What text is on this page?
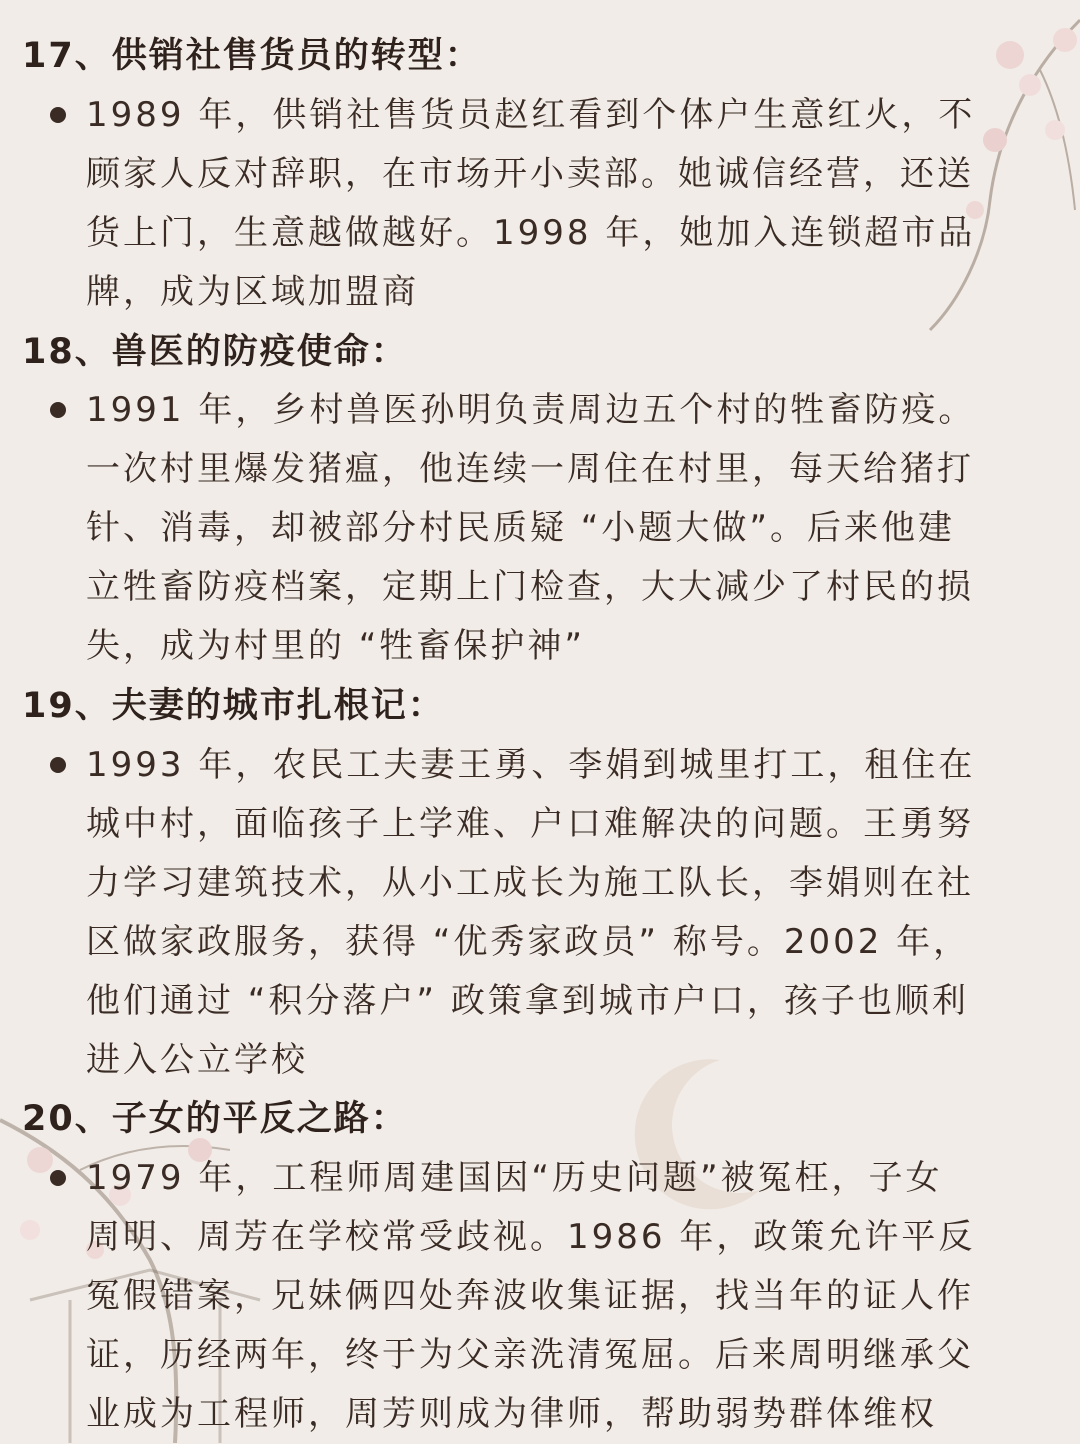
17、供销社售货员的转型：
1989 年，供销社售货员赵红看到个体户生意红火，不
顾家人反对辞职，在市场开小卖部。她诚信经营，还送
货上门，生意越做越好。1998 年，她加入连锁超市品
牌，成为区域加盟商
18、兽医的防疫使命：
1991 年，乡村兽医孙明负责周边五个村的牲畜防疫。
一次村里爆发猪瘟，他连续一周住在村里，每天给猪打
针、消毒，却被部分村民质疑 “小题大做”。后来他建
立牲畜防疫档案，定期上门检查，大大减少了村民的损
失，成为村里的 “牲畜保护神”
19、夫妻的城市扎根记：
1993 年，农民工夫妻王勇、李娟到城里打工，租住在
城中村，面临孩子上学难、户口难解决的问题。王勇努
力学习建筑技术，从小工成长为施工队长，李娟则在社
区做家政服务，获得 “优秀家政员” 称号。2002 年，
他们通过 “积分落户” 政策拿到城市户口，孩子也顺利
进入公立学校
20、子女的平反之路：
1979 年，工程师周建国因“历史问题”被冤枉，子女
周明、周芳在学校常受歧视。1986 年，政策允许平反
冤假错案，兄妹俩四处奔波收集证据，找当年的证人作
证，历经两年，终于为父亲洗清冤屈。后来周明继承父
业成为工程师，周芳则成为律师，帮助弱势群体维权
